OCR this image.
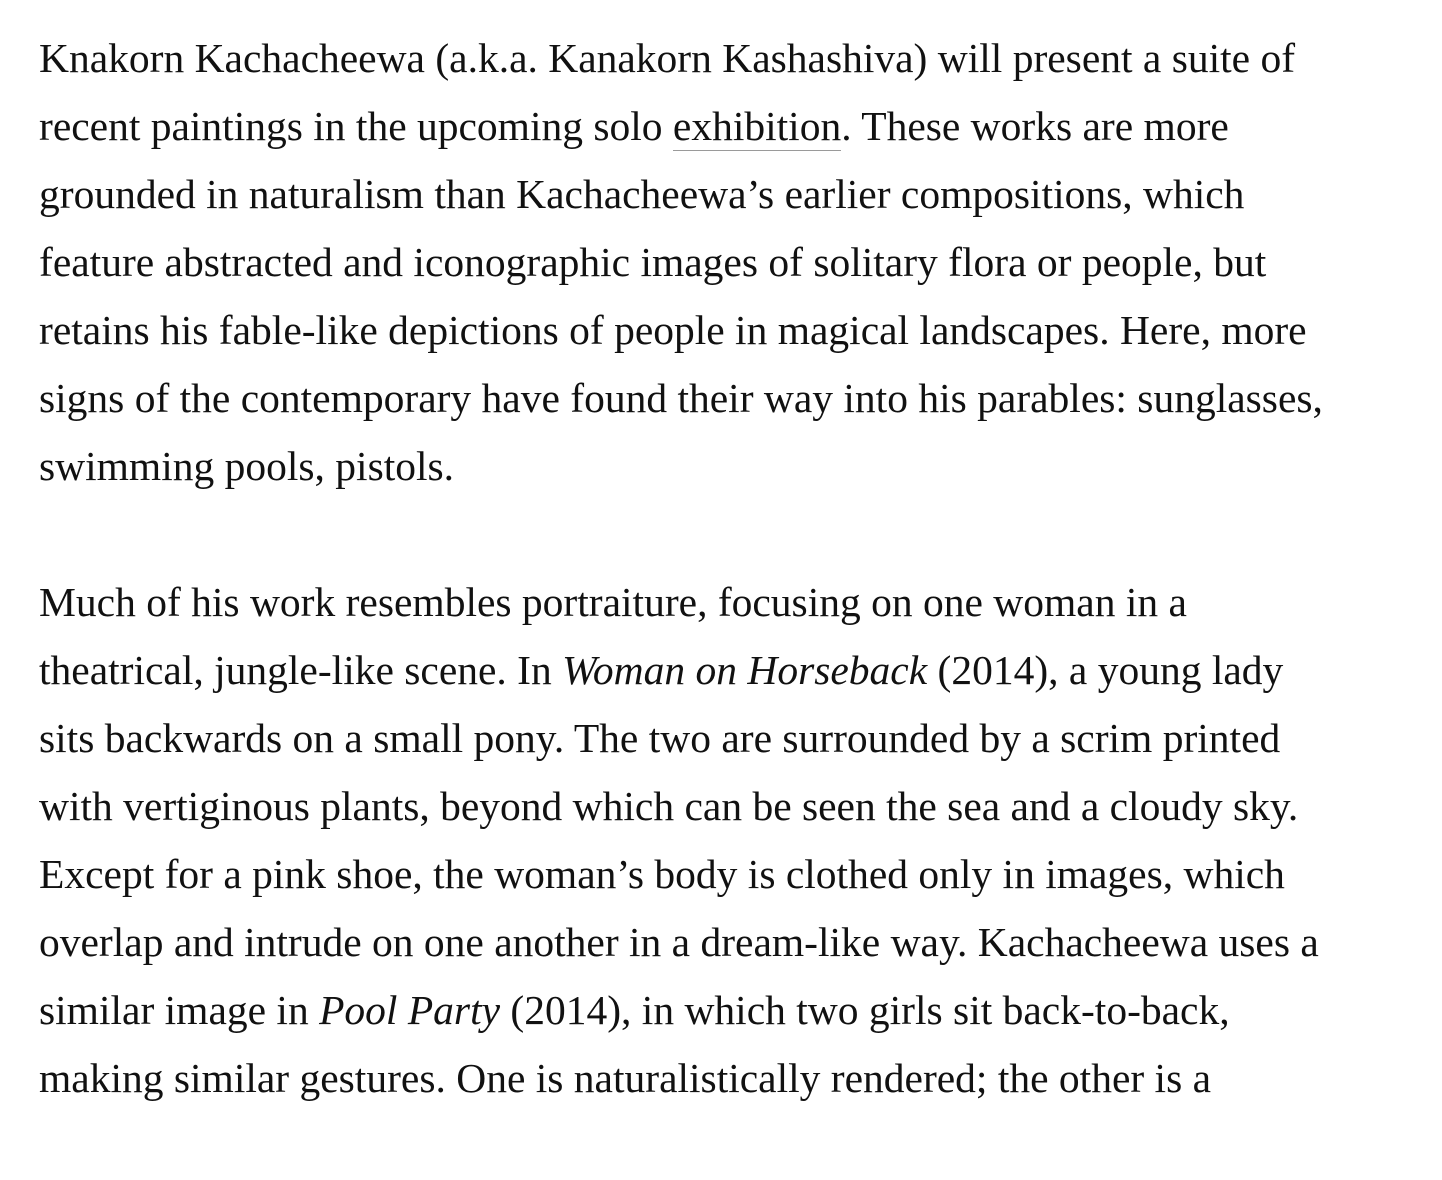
Knakorn Kachacheewa (a.k.a. Kanakorn Kashashiva) will present a suite of
recent paintings in the upcoming solo exhibition. These works are more
grounded in naturalism than Kachacheewa’s earlier compositions, which
feature abstracted and iconographic images of solitary flora or people, but
retains his fable-like depictions of people in magical landscapes. Here, more
signs of the contemporary have found their way into his parables: sunglasses,
swimming pools, pistols.

Much of his work resembles portraiture, focusing on one woman in a
theatrical, jungle-like scene. In Woman on Horseback (2014), a young lady
sits backwards on a small pony. The two are surrounded by a scrim printed
with vertiginous plants, beyond which can be seen the sea and a cloudy sky.
Except for a pink shoe, the woman’s body is clothed only in images, which
overlap and intrude on one another in a dream-like way. Kachacheewa uses a
similar image in Pool Party (2014), in which two girls sit back-to-back,
making similar gestures. One is naturalistically rendered; the other is a
